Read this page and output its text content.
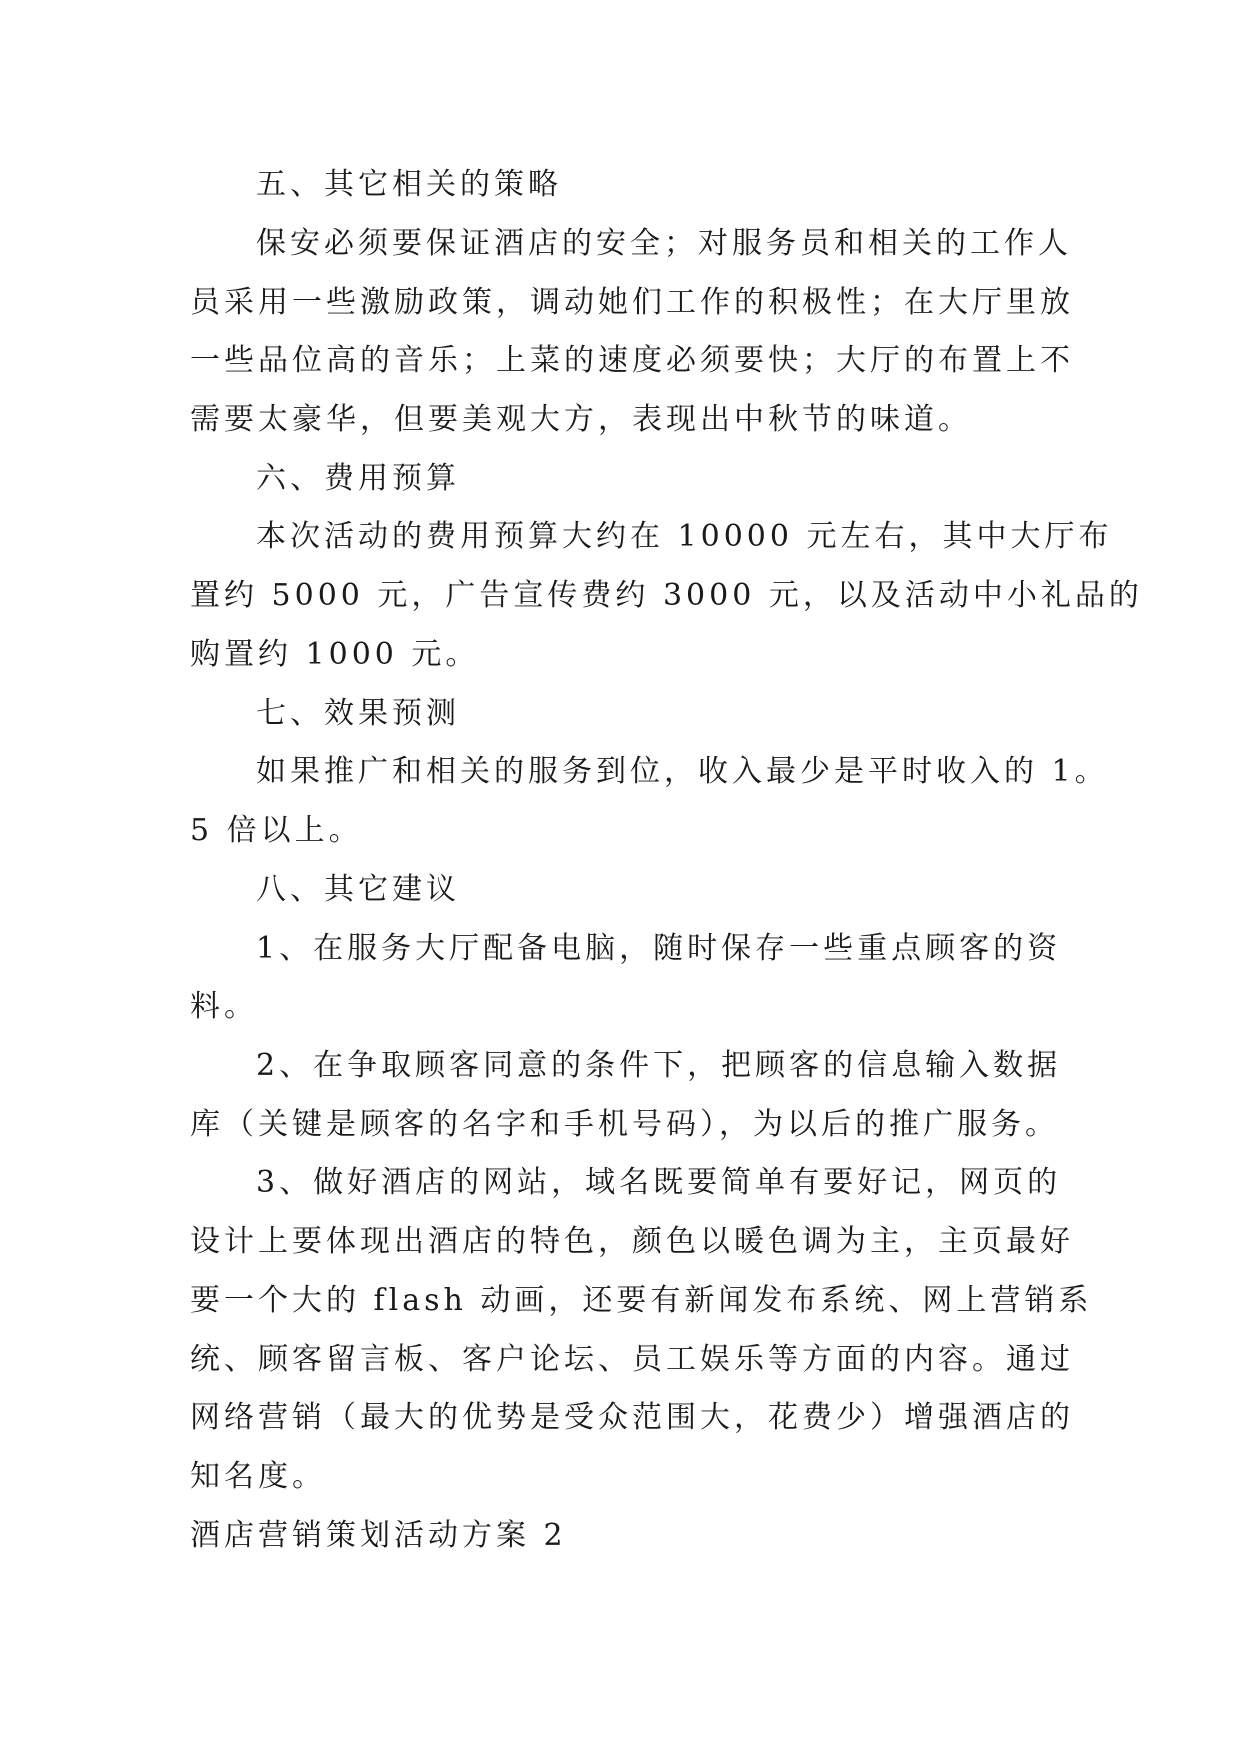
五、其它相关的策略
保安必须要保证酒店的安全；对服务员和相关的工作人
员采用一些激励政策，调动她们工作的积极性；在大厅里放
一些品位高的音乐；上菜的速度必须要快；大厅的布置上不
需要太豪华，但要美观大方，表现出中秋节的味道。
六、费用预算
本次活动的费用预算大约在 10000 元左右，其中大厅布
置约 5000 元，广告宣传费约 3000 元，以及活动中小礼品的
购置约 1000 元。
七、效果预测
如果推广和相关的服务到位，收入最少是平时收入的 1。
5 倍以上。
八、其它建议
1、在服务大厅配备电脑，随时保存一些重点顾客的资
料。
2、在争取顾客同意的条件下，把顾客的信息输入数据
库（关键是顾客的名字和手机号码），为以后的推广服务。
3、做好酒店的网站，域名既要简单有要好记，网页的
设计上要体现出酒店的特色，颜色以暖色调为主，主页最好
要一个大的 flash 动画，还要有新闻发布系统、网上营销系
统、顾客留言板、客户论坛、员工娱乐等方面的内容。通过
网络营销（最大的优势是受众范围大，花费少）增强酒店的
知名度。
酒店营销策划活动方案 2
